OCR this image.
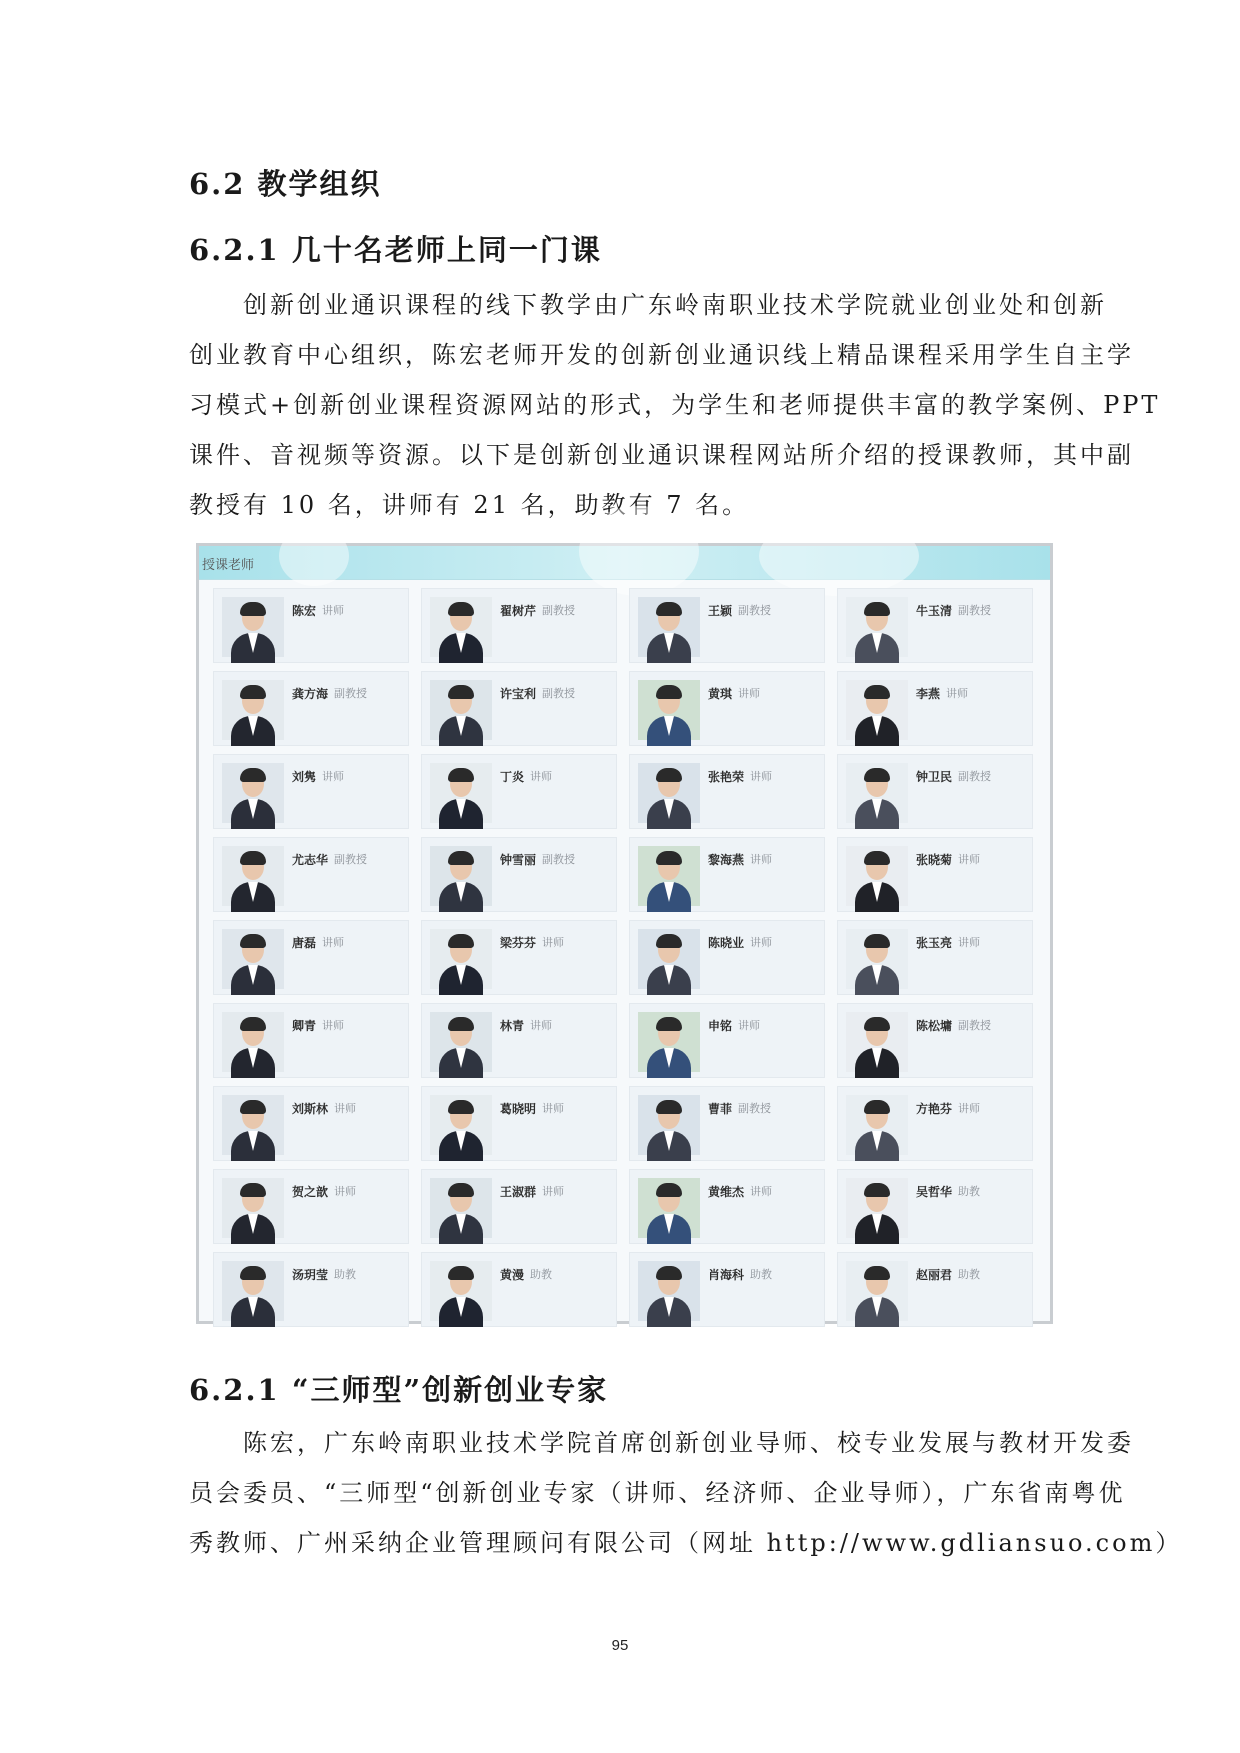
6.2 教学组织
6.2.1 几十名老师上同一门课
　　创新创业通识课程的线下教学由广东岭南职业技术学院就业创业处和创新
创业教育中心组织，陈宏老师开发的创新创业通识线上精品课程采用学生自主学
习模式+创新创业课程资源网站的形式，为学生和老师提供丰富的教学案例、PPT
课件、音视频等资源。以下是创新创业通识课程网站所介绍的授课教师，其中副
教授有 10 名，讲师有 21 名，助教有 7 名。
授课老师
陈宏 讲师	翟树芹 副教授	王颖 副教授	牛玉清 副教授
龚方海 副教授	许宝利 副教授	黄琪 讲师	李燕 讲师
刘隽 讲师	丁炎 讲师	张艳荣 讲师	钟卫民 副教授
尤志华 副教授	钟雪丽 副教授	黎海燕 讲师	张晓菊 讲师
唐磊 讲师	梁芬芬 讲师	陈晓业 讲师	张玉亮 讲师
卿青 讲师	林青 讲师	申铭 讲师	陈松墉 副教授
刘斯林 讲师	葛晓明 讲师	曹菲 副教授	方艳芬 讲师
贺之歆 讲师	王淑群 讲师	黄维杰 讲师	吴哲华 助教
汤玥莹 助教	黄漫 助教	肖海科 助教	赵丽君 助教
6.2.1 “三师型”创新创业专家
　　陈宏，广东岭南职业技术学院首席创新创业导师、校专业发展与教材开发委
员会委员、“三师型“创新创业专家（讲师、经济师、企业导师），广东省南粤优
秀教师、广州采纳企业管理顾问有限公司（网址 http://www.gdliansuo.com）
95
